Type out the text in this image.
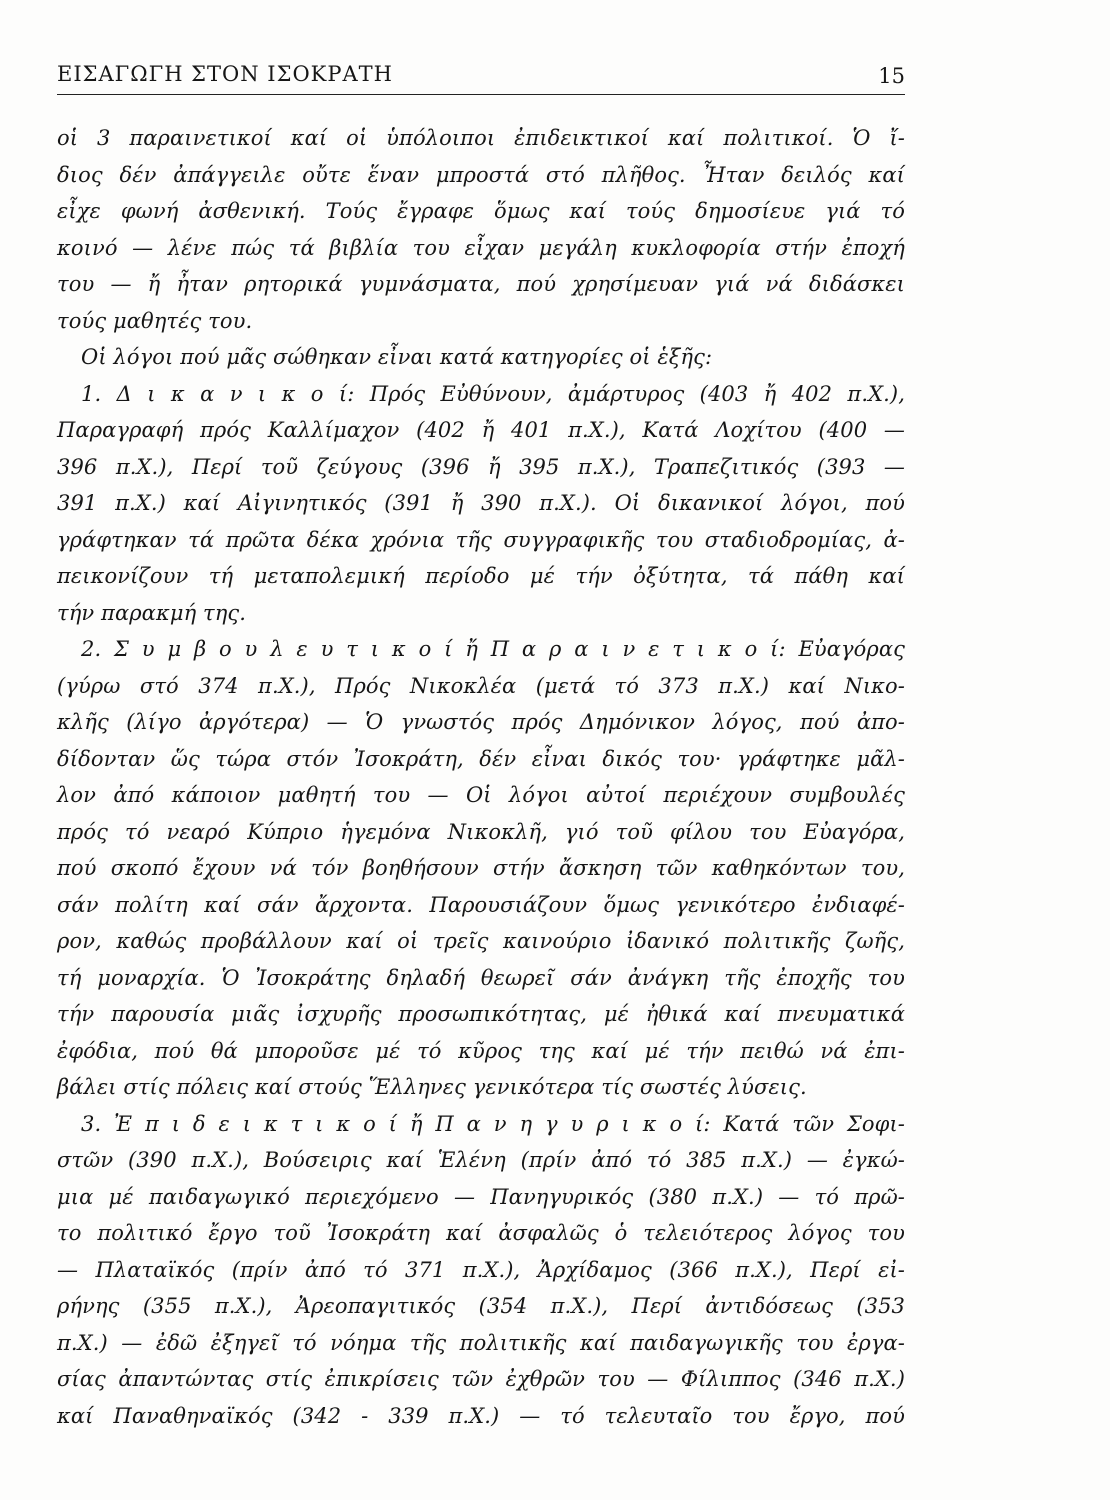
ΕΙΣΑΓΩΓΗ ΣΤΟΝ ΙΣΟΚΡΑΤΗ	15
οἱ 3 παραινετικοί καί οἱ ὑπόλοιποι ἐπιδεικτικοί καί πολιτικοί. Ὁ ἴ-
διος δέν ἀπάγγειλε οὔτε ἕναν μπροστά στό πλῆθος. Ἦταν δειλός καί
εἶχε φωνή ἀσθενική. Τούς ἔγραφε ὅμως καί τούς δημοσίευε γιά τό
κοινό — λένε πώς τά βιβλία του εἶχαν μεγάλη κυκλοφορία στήν ἐποχή
του — ἤ ἦταν ρητορικά γυμνάσματα, πού χρησίμευαν γιά νά διδάσκει
τούς μαθητές του.
Οἱ λόγοι πού μᾶς σώθηκαν εἶναι κατά κατηγορίες οἱ ἑξῆς:
1. Δ ι κ α ν ι κ ο ί: Πρός Εὐθύνουν, ἀμάρτυρος (403 ἤ 402 π.Χ.),
Παραγραφή πρός Καλλίμαχον (402 ἤ 401 π.Χ.), Κατά Λοχίτου (400 —
396 π.Χ.), Περί τοῦ ζεύγους (396 ἤ 395 π.Χ.), Τραπεζιτικός (393 —
391 π.Χ.) καί Αἰγινητικός (391 ἤ 390 π.Χ.). Οἱ δικανικοί λόγοι, πού
γράφτηκαν τά πρῶτα δέκα χρόνια τῆς συγγραφικῆς του σταδιοδρομίας, ἀ-
πεικονίζουν τή μεταπολεμική περίοδο μέ τήν ὀξύτητα, τά πάθη καί
τήν παρακμή της.
2. Σ υ μ β ο υ λ ε υ τ ι κ ο ί ἤ Π α ρ α ι ν ε τ ι κ ο ί: Εὐαγόρας
(γύρω στό 374 π.Χ.), Πρός Νικοκλέα (μετά τό 373 π.Χ.) καί Νικο-
κλῆς (λίγο ἀργότερα) — Ὁ γνωστός πρός Δημόνικον λόγος, πού ἀπο-
δίδονταν ὥς τώρα στόν Ἰσοκράτη, δέν εἶναι δικός του· γράφτηκε μᾶλ-
λον ἀπό κάποιον μαθητή του — Οἱ λόγοι αὐτοί περιέχουν συμβουλές
πρός τό νεαρό Κύπριο ἡγεμόνα Νικοκλῆ, γιό τοῦ φίλου του Εὐαγόρα,
πού σκοπό ἔχουν νά τόν βοηθήσουν στήν ἄσκηση τῶν καθηκόντων του,
σάν πολίτη καί σάν ἄρχοντα. Παρουσιάζουν ὅμως γενικότερο ἐνδιαφέ-
ρον, καθώς προβάλλουν καί οἱ τρεῖς καινούριο ἰδανικό πολιτικῆς ζωῆς,
τή μοναρχία. Ὁ Ἰσοκράτης δηλαδή θεωρεῖ σάν ἀνάγκη τῆς ἐποχῆς του
τήν παρουσία μιᾶς ἰσχυρῆς προσωπικότητας, μέ ἠθικά καί πνευματικά
ἐφόδια, πού θά μποροῦσε μέ τό κῦρος της καί μέ τήν πειθώ νά ἐπι-
βάλει στίς πόλεις καί στούς Ἕλληνες γενικότερα τίς σωστές λύσεις.
3. Ἐ π ι δ ε ι κ τ ι κ ο ί ἤ Π α ν η γ υ ρ ι κ ο ί: Κατά τῶν Σοφι-
στῶν (390 π.Χ.), Βούσειρις καί Ἑλένη (πρίν ἀπό τό 385 π.Χ.) — ἐγκώ-
μια μέ παιδαγωγικό περιεχόμενο — Πανηγυρικός (380 π.Χ.) — τό πρῶ-
το πολιτικό ἔργο τοῦ Ἰσοκράτη καί ἀσφαλῶς ὁ τελειότερος λόγος του
— Πλαταϊκός (πρίν ἀπό τό 371 π.Χ.), Ἀρχίδαμος (366 π.Χ.), Περί εἰ-
ρήνης (355 π.Χ.), Ἀρεοπαγιτικός (354 π.Χ.), Περί ἀντιδόσεως (353
π.Χ.) — ἐδῶ ἐξηγεῖ τό νόημα τῆς πολιτικῆς καί παιδαγωγικῆς του ἐργα-
σίας ἀπαντώντας στίς ἐπικρίσεις τῶν ἐχθρῶν του — Φίλιππος (346 π.Χ.)
καί Παναθηναϊκός (342 - 339 π.Χ.) — τό τελευταῖο του ἔργο, πού
